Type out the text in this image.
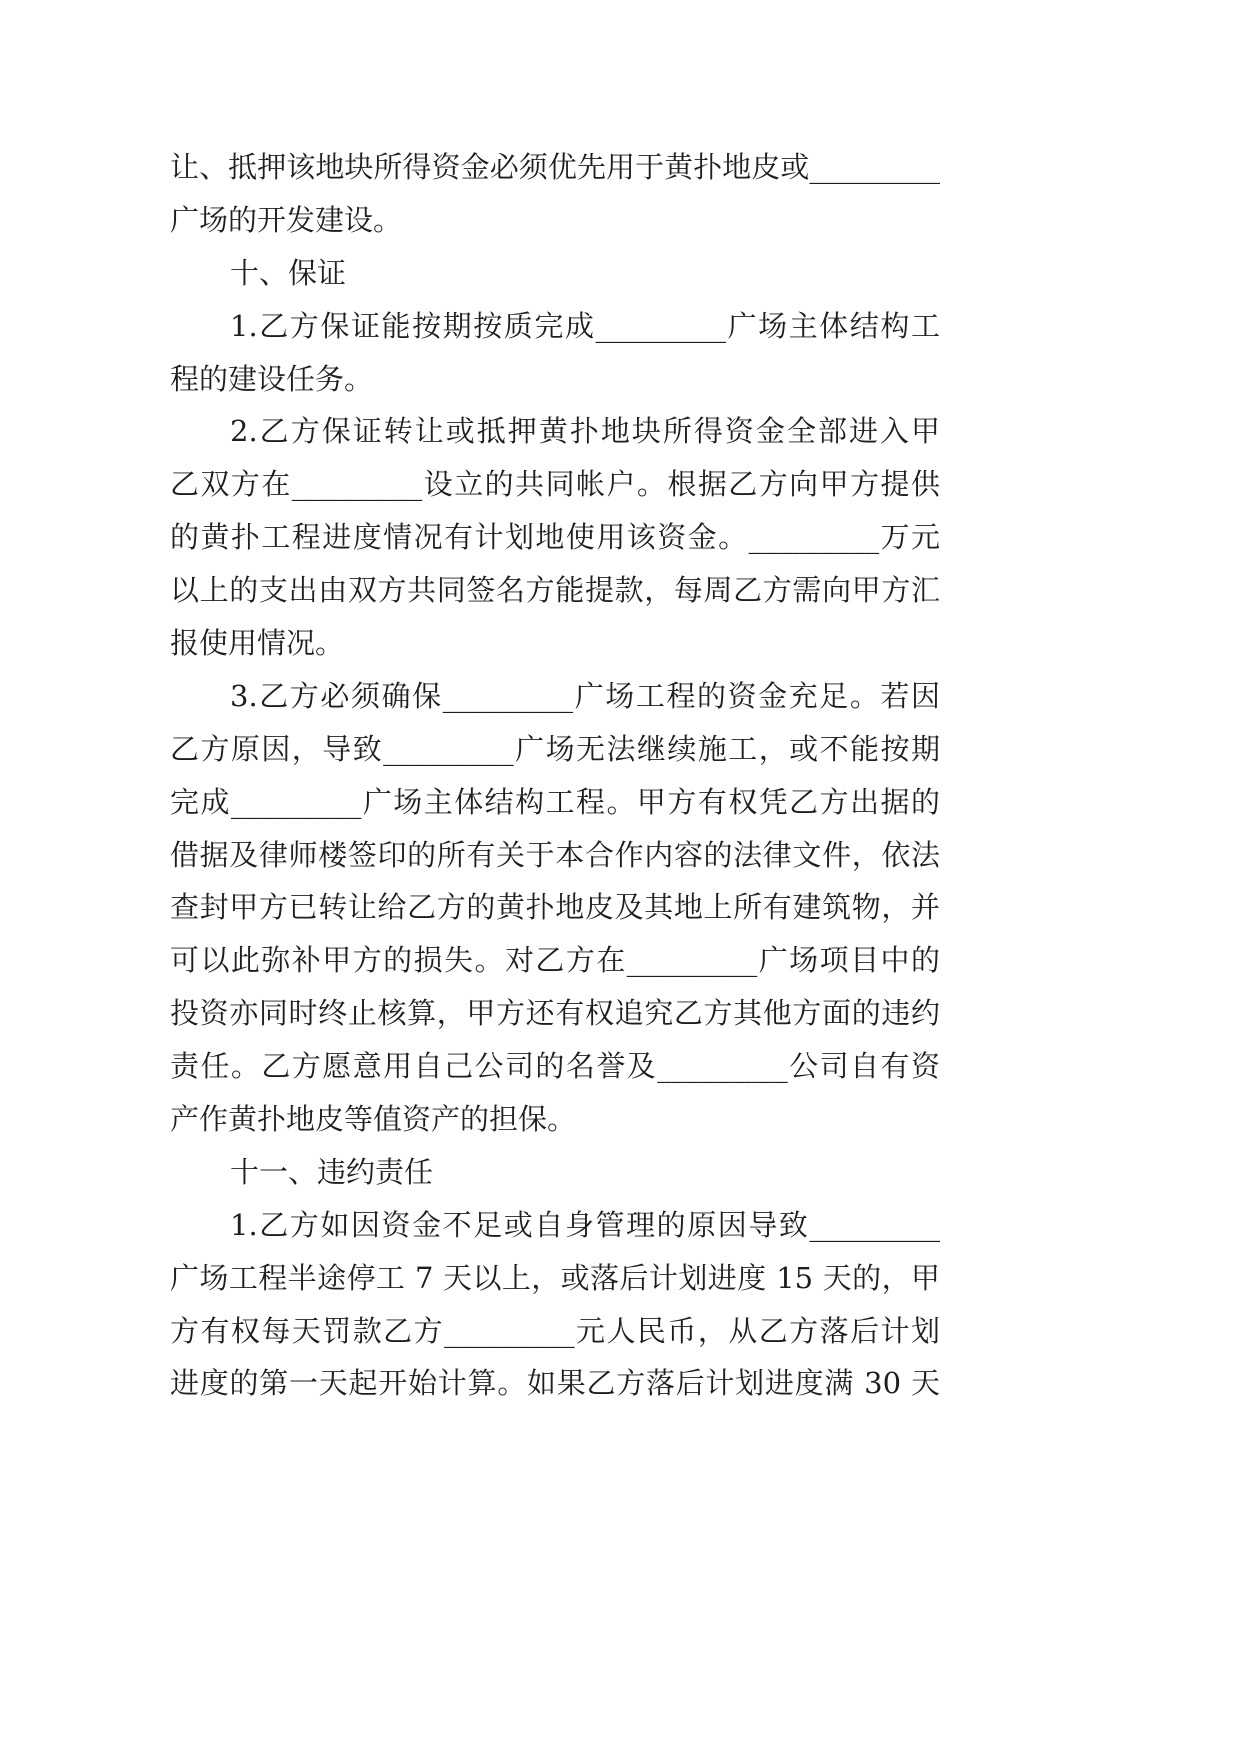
让、抵押该地块所得资金必须优先用于黄扑地皮或_________
广场的开发建设。
十、保证
1.乙方保证能按期按质完成_________广场主体结构工
程的建设任务。
2.乙方保证转让或抵押黄扑地块所得资金全部进入甲
乙双方在_________设立的共同帐户。根据乙方向甲方提供
的黄扑工程进度情况有计划地使用该资金。_________万元
以上的支出由双方共同签名方能提款，每周乙方需向甲方汇
报使用情况。
3.乙方必须确保_________广场工程的资金充足。若因
乙方原因，导致_________广场无法继续施工，或不能按期
完成_________广场主体结构工程。甲方有权凭乙方出据的
借据及律师楼签印的所有关于本合作内容的法律文件，依法
查封甲方已转让给乙方的黄扑地皮及其地上所有建筑物，并
可以此弥补甲方的损失。对乙方在_________广场项目中的
投资亦同时终止核算，甲方还有权追究乙方其他方面的违约
责任。乙方愿意用自己公司的名誉及_________公司自有资
产作黄扑地皮等值资产的担保。
十一、违约责任
1.乙方如因资金不足或自身管理的原因导致_________
广场工程半途停工 7 天以上，或落后计划进度 15 天的，甲
方有权每天罚款乙方_________元人民币，从乙方落后计划
进度的第一天起开始计算。如果乙方落后计划进度满 30 天
